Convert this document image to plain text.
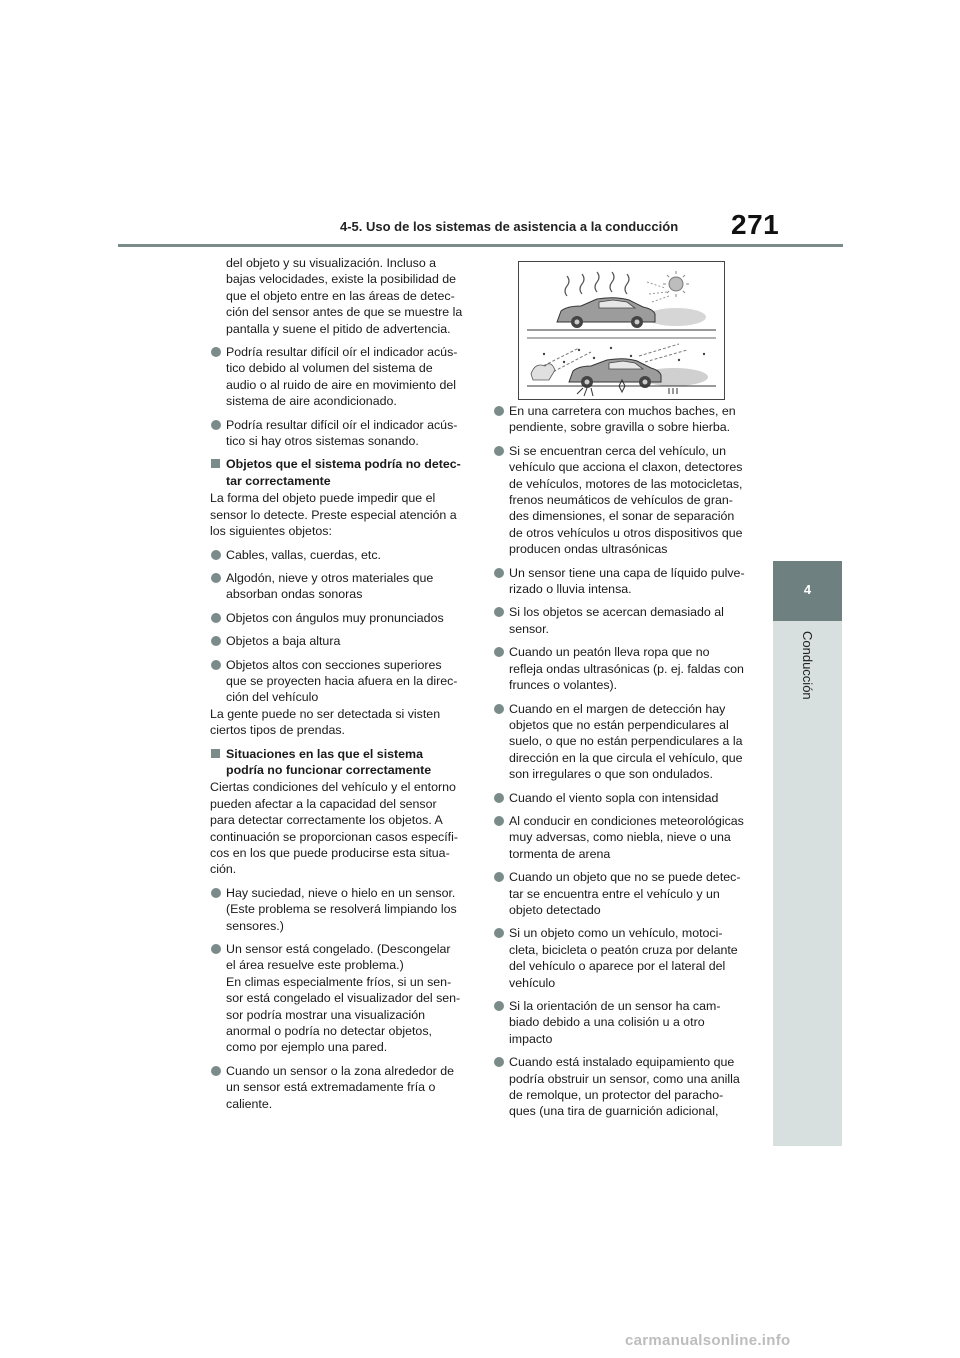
4-5. Uso de los sistemas de asistencia a la conducción 271
4
Conducción
del objeto y su visualización. Incluso a
bajas velocidades, existe la posibilidad de
que el objeto entre en las áreas de detec-
ción del sensor antes de que se muestre la
pantalla y suene el pitido de advertencia.
Podría resultar difícil oír el indicador acús-
tico debido al volumen del sistema de
audio o al ruido de aire en movimiento del
sistema de aire acondicionado.
Podría resultar difícil oír el indicador acús-
tico si hay otros sistemas sonando.
Objetos que el sistema podría no detec-
tar correctamente
La forma del objeto puede impedir que el
sensor lo detecte. Preste especial atención a
los siguientes objetos:
Cables, vallas, cuerdas, etc.
Algodón, nieve y otros materiales que
absorban ondas sonoras
Objetos con ángulos muy pronunciados
Objetos a baja altura
Objetos altos con secciones superiores
que se proyecten hacia afuera en la direc-
ción del vehículo
La gente puede no ser detectada si visten
ciertos tipos de prendas.
Situaciones en las que el sistema
podría no funcionar correctamente
Ciertas condiciones del vehículo y el entorno
pueden afectar a la capacidad del sensor
para detectar correctamente los objetos. A
continuación se proporcionan casos específi-
cos en los que puede producirse esta situa-
ción.
Hay suciedad, nieve o hielo en un sensor.
(Este problema se resolverá limpiando los
sensores.)
Un sensor está congelado. (Descongelar
el área resuelve este problema.)
En climas especialmente fríos, si un sen-
sor está congelado el visualizador del sen-
sor podría mostrar una visualización
anormal o podría no detectar objetos,
como por ejemplo una pared.
Cuando un sensor o la zona alrededor de
un sensor está extremadamente fría o
caliente.
En una carretera con muchos baches, en
pendiente, sobre gravilla o sobre hierba.
Si se encuentran cerca del vehículo, un
vehículo que acciona el claxon, detectores
de vehículos, motores de las motocicletas,
frenos neumáticos de vehículos de gran-
des dimensiones, el sonar de separación
de otros vehículos u otros dispositivos que
producen ondas ultrasónicas
Un sensor tiene una capa de líquido pulve-
rizado o lluvia intensa.
Si los objetos se acercan demasiado al
sensor.
Cuando un peatón lleva ropa que no
refleja ondas ultrasónicas (p. ej. faldas con
frunces o volantes).
Cuando en el margen de detección hay
objetos que no están perpendiculares al
suelo, o que no están perpendiculares a la
dirección en la que circula el vehículo, que
son irregulares o que son ondulados.
Cuando el viento sopla con intensidad
Al conducir en condiciones meteorológicas
muy adversas, como niebla, nieve o una
tormenta de arena
Cuando un objeto que no se puede detec-
tar se encuentra entre el vehículo y un
objeto detectado
Si un objeto como un vehículo, motoci-
cleta, bicicleta o peatón cruza por delante
del vehículo o aparece por el lateral del
vehículo
Si la orientación de un sensor ha cam-
biado debido a una colisión u a otro
impacto
Cuando está instalado equipamiento que
podría obstruir un sensor, como una anilla
de remolque, un protector del paracho-
ques (una tira de guarnición adicional,
carmanualsonline.info
